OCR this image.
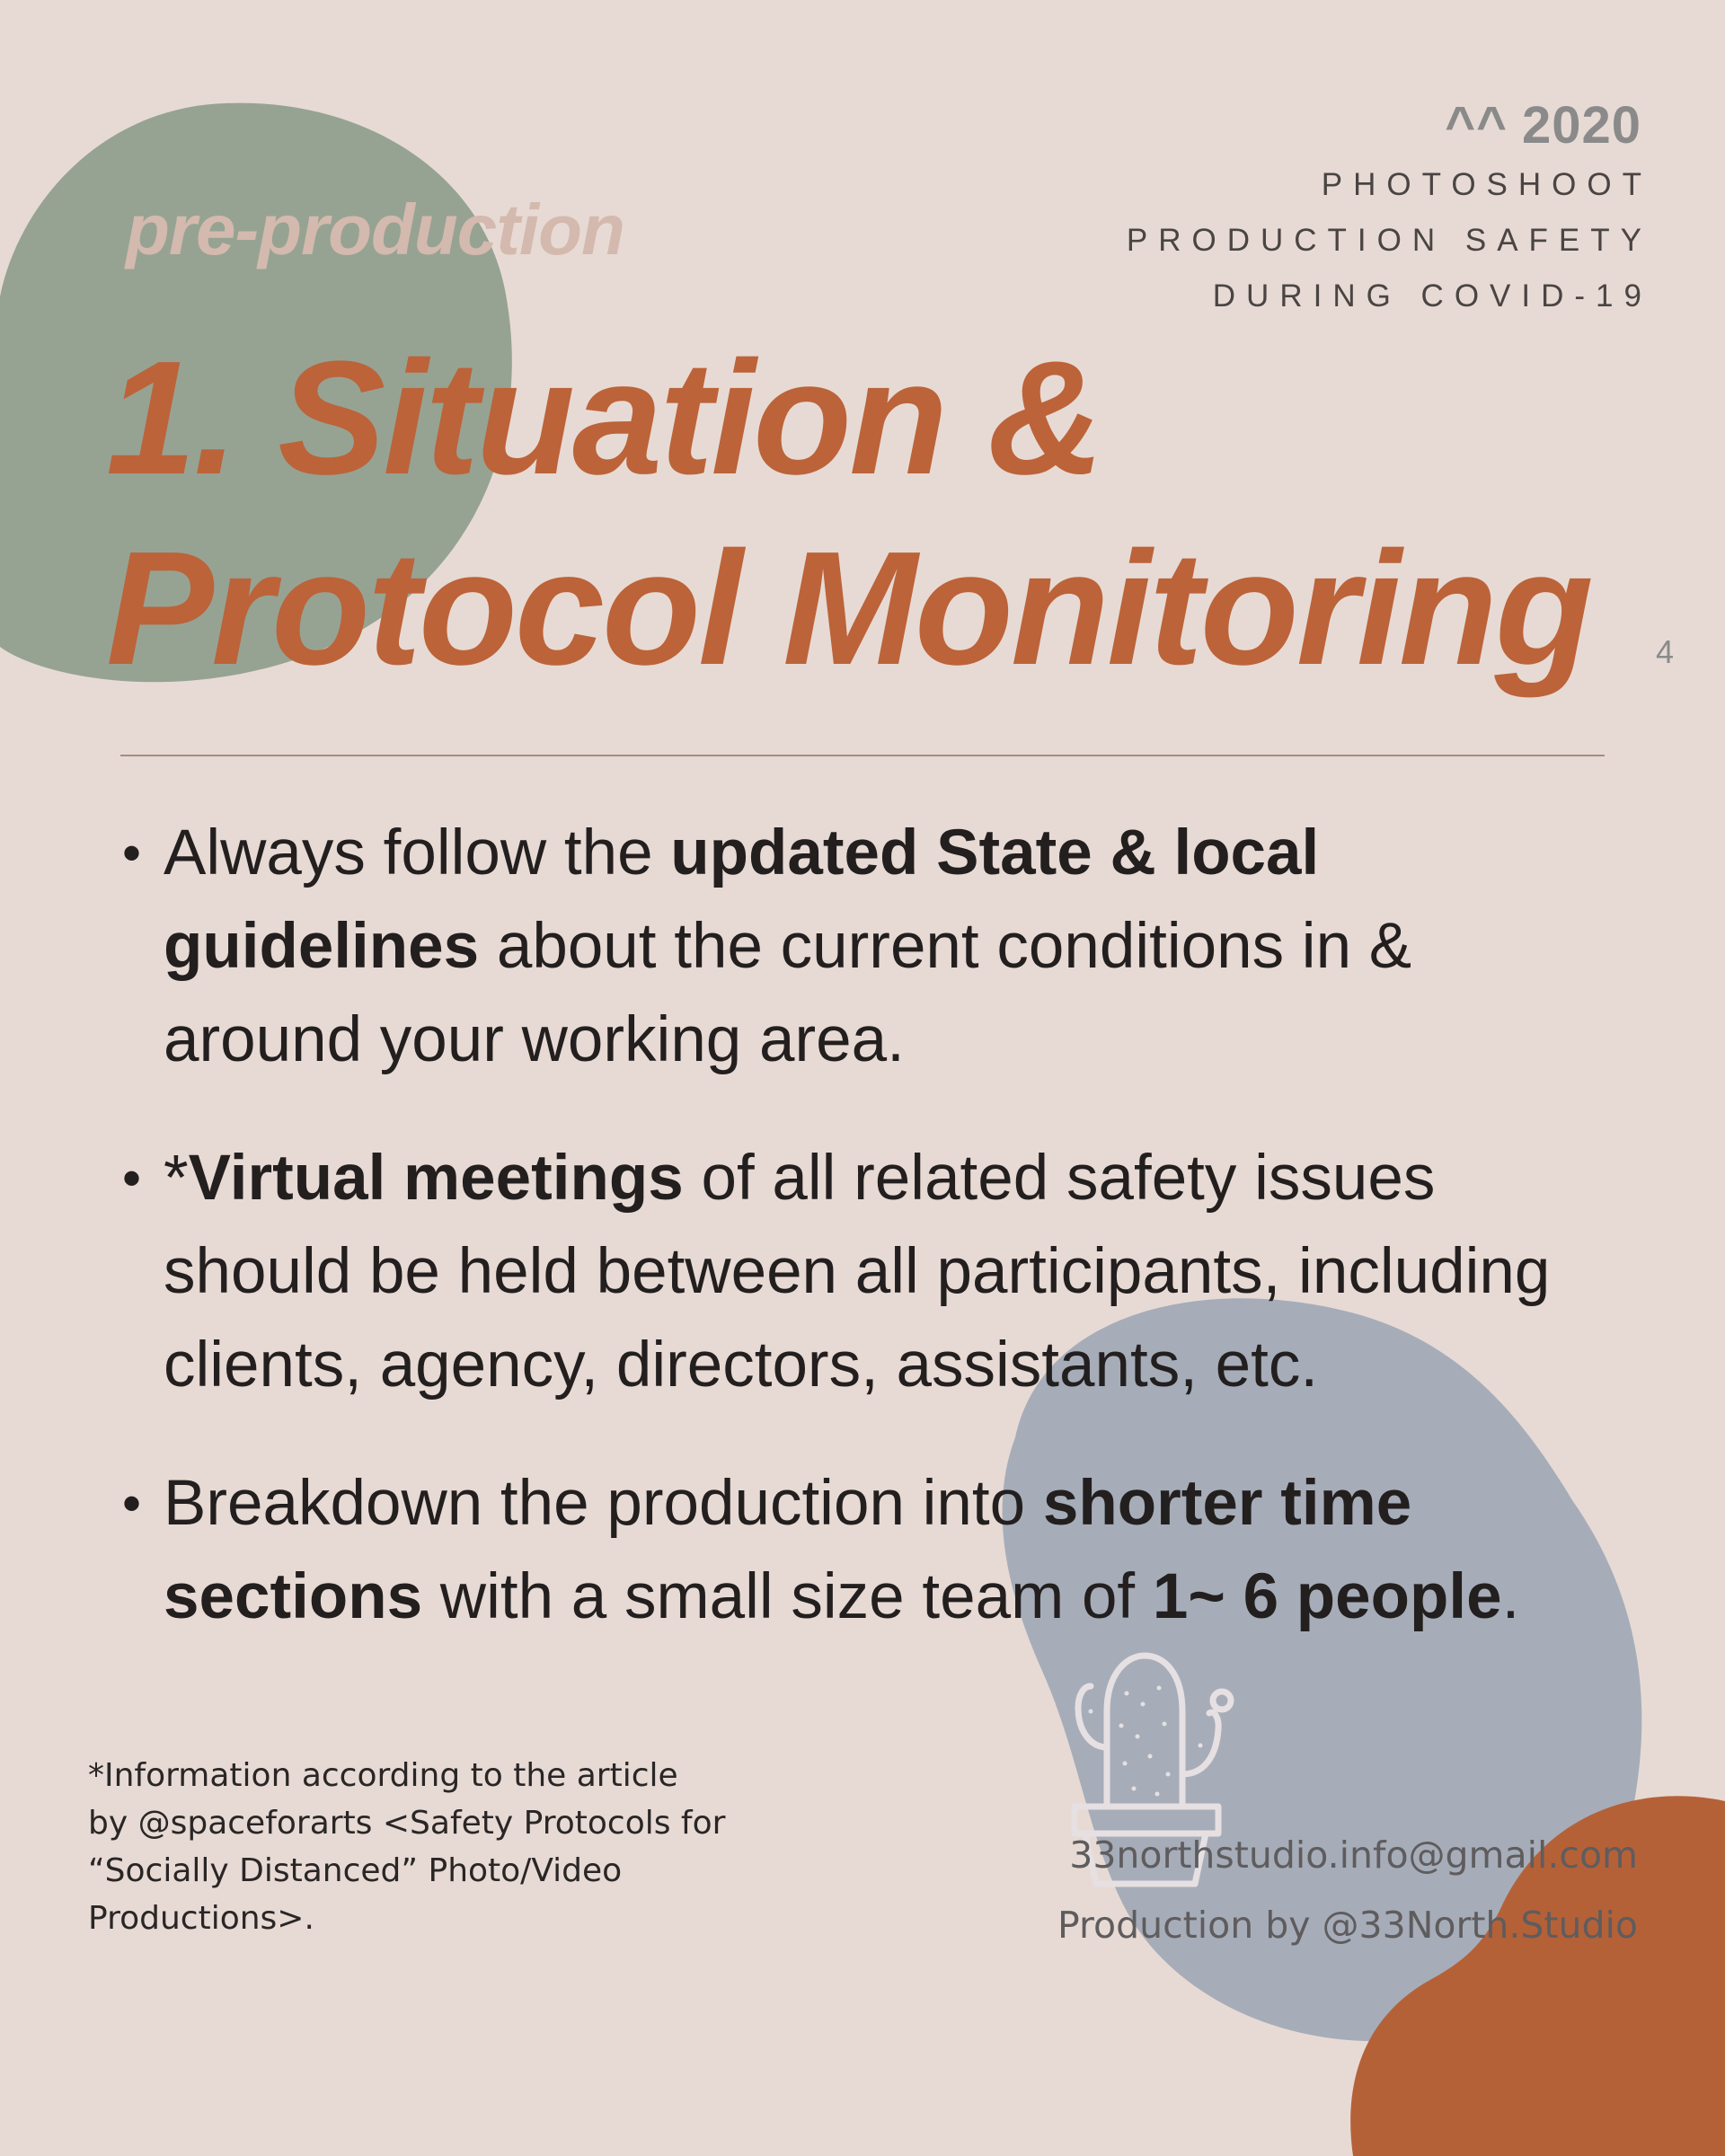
pre-production

^^ 2020
PHOTOSHOOT
PRODUCTION SAFETY
DURING COVID-19
1. Situation &
Protocol Monitoring 4
• Always follow the updated State & local guidelines about the current conditions in & around your working area.
• *Virtual meetings of all related safety issues should be held between all participants, including clients, agency, directors, assistants, etc.
• Breakdown the production into shorter time sections with a small size team of 1~ 6 people.
*Information according to the article
by @spaceforarts <Safety Protocols for
“Socially Distanced” Photo/Video
Productions>.
33northstudio.info@gmail.com
Production by @33North.Studio
